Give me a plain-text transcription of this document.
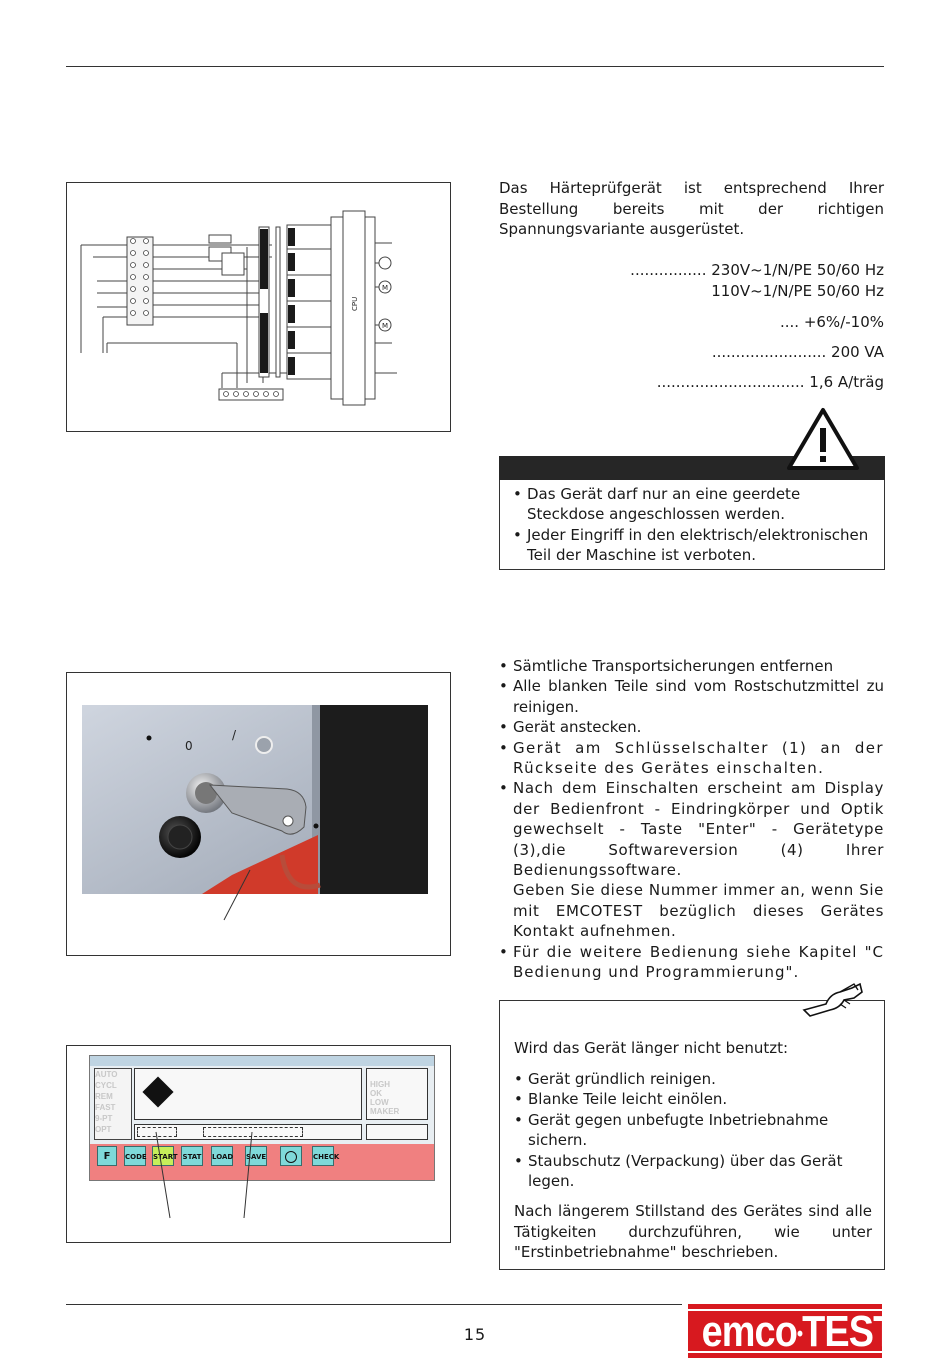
CPU
M
M
Das Härteprüfgerät ist entsprechend Ihrer Bestellung bereits mit der richtigen Spannungsvariante ausgerüstet.
................ 230V~1/N/PE 50/60 Hz
110V~1/N/PE 50/60 Hz
.... +6%/-10%
........................ 200 VA
............................... 1,6 A/träg
• Das Gerät darf nur an eine geerdete Steckdose angeschlossen werden.
• Jeder Eingriff in den elektrisch/elektronischen Teil der Maschine ist verboten.
0
/
• Sämtliche Transportsicherungen entfernen
• Alle blanken Teile sind vom Rostschutzmittel zu reinigen.
• Gerät anstecken.
• Gerät am Schlüsselschalter (1) an der Rückseite des Gerätes einschalten.
• Nach dem Einschalten erscheint am Display der Bedienfront - Eindringkörper und Optik gewechselt - Taste "Enter" - Gerätetype (3),die Softwareversion (4) Ihrer Bedienungssoftware.
Geben Sie diese Nummer immer an, wenn Sie mit EMCOTEST bezüglich dieses Gerätes Kontakt aufnehmen.
• Für die weitere Bedienung siehe Kapitel "C Bedienung und Programmierung".
Wird das Gerät länger nicht benutzt:
• Gerät gründlich reinigen.
• Blanke Teile leicht einölen.
• Gerät gegen unbefugte Inbetriebnahme sichern.
• Staubschutz (Verpackung) über das Gerät legen.
Nach längerem Stillstand des Gerätes sind alle Tätigkeiten durchzuführen, wie unter "Erstinbetriebnahme" beschrieben.
AUTO
CYCL
REM
FAST
9-PT
OPT
HIGH
OK
LOW
MAKER
F	CODE START STAT LOAD SAVE	CHECK
15	emco•TEST
